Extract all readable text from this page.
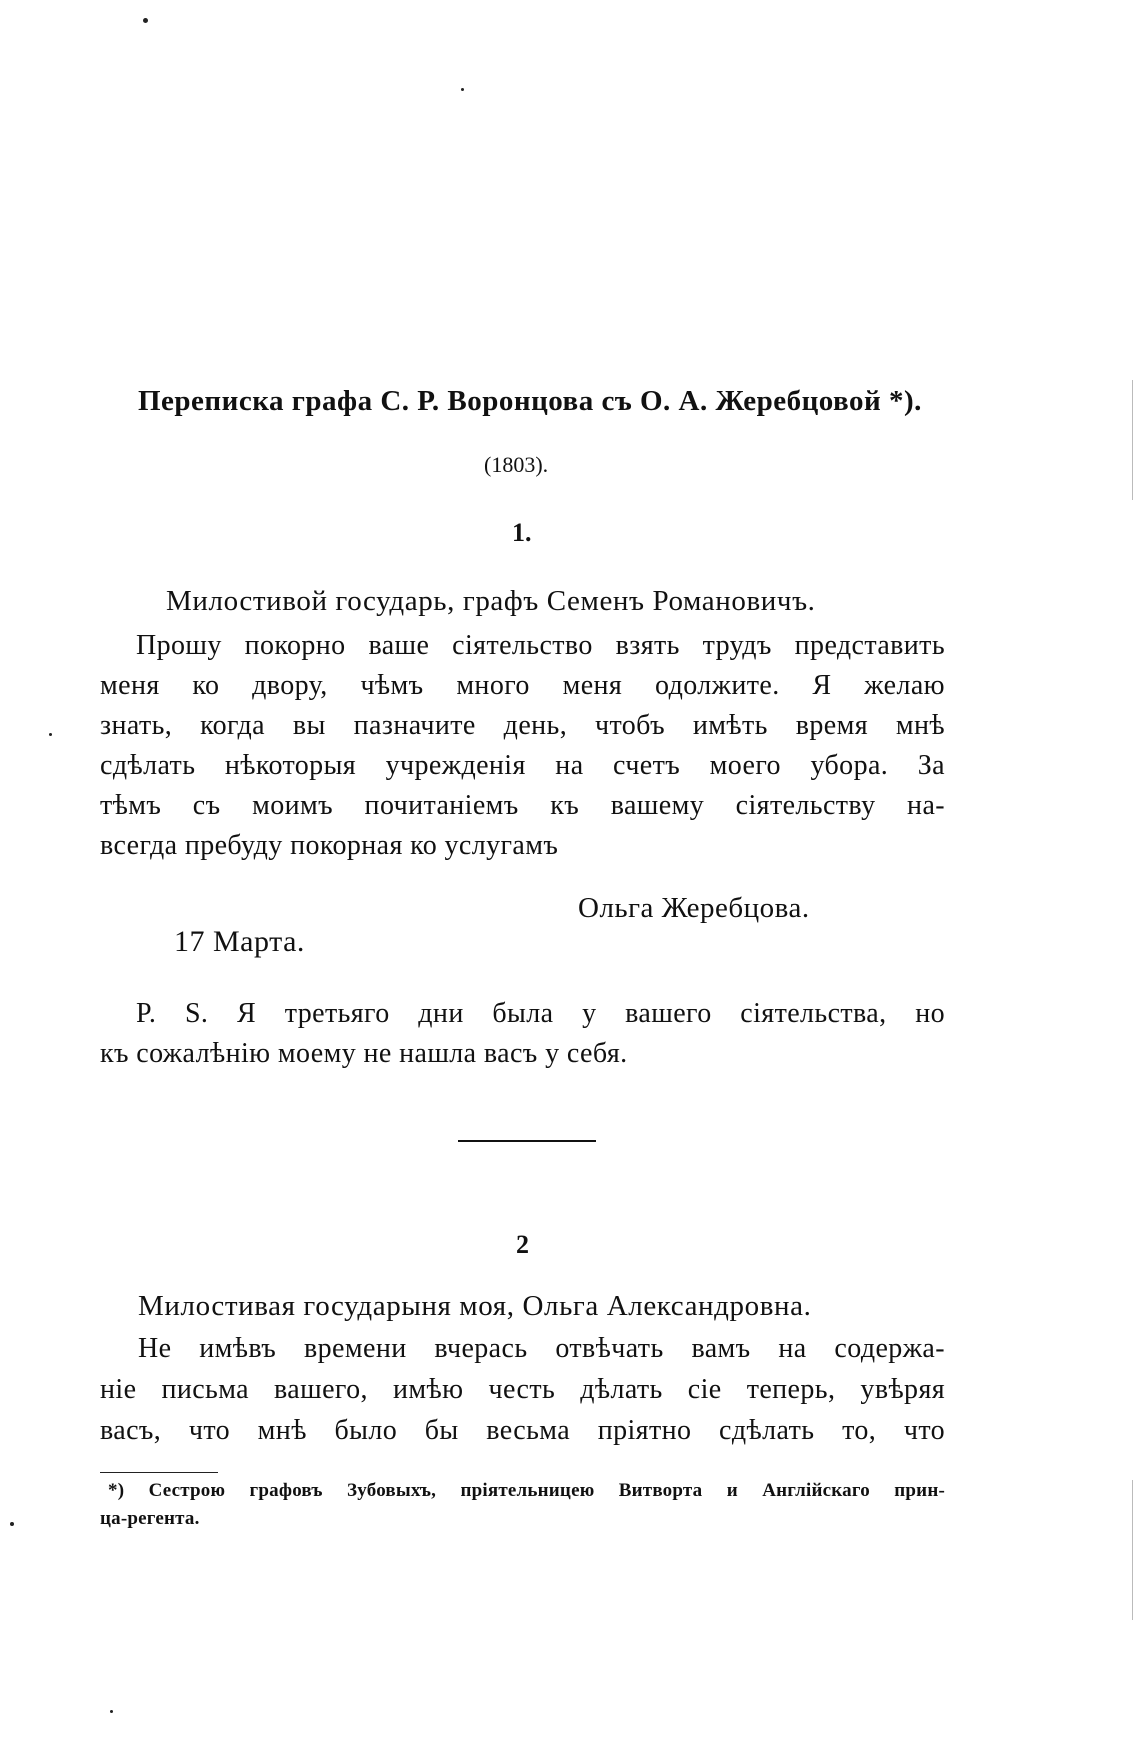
Переписка графа С. Р. Воронцова съ О. А. Жеребцовой *).
(1803).
1.
Милостивой государь, графъ Семенъ Романовичъ.
Прошу покорно ваше сіятельство взять трудъ представить
меня ко двору, чѣмъ много меня одолжите. Я желаю
знать, когда вы пазначите день, чтобъ имѣть время мнѣ
сдѣлать нѣкоторыя учрежденія на счетъ моего убора. За
тѣмъ съ моимъ почитаніемъ къ вашему сіятельству на-
всегда пребуду покорная ко услугамъ
Ольга Жеребцова.
17 Марта.
P. S. Я третьяго дни была у вашего сіятельства, но
къ сожалѣнію моему не нашла васъ у себя.
2
Милостивая государыня моя, Ольга Александровна.
Не имѣвъ времени вчерась отвѣчать вамъ на содержа-
ніе письма вашего, имѣю честь дѣлать сіе теперь, увѣряя
васъ, что мнѣ было бы весьма пріятно сдѣлать то, что
*) Сестрою графовъ Зубовыхъ, пріятельницею Витворта и Англійскаго прин-
ца-регента.
